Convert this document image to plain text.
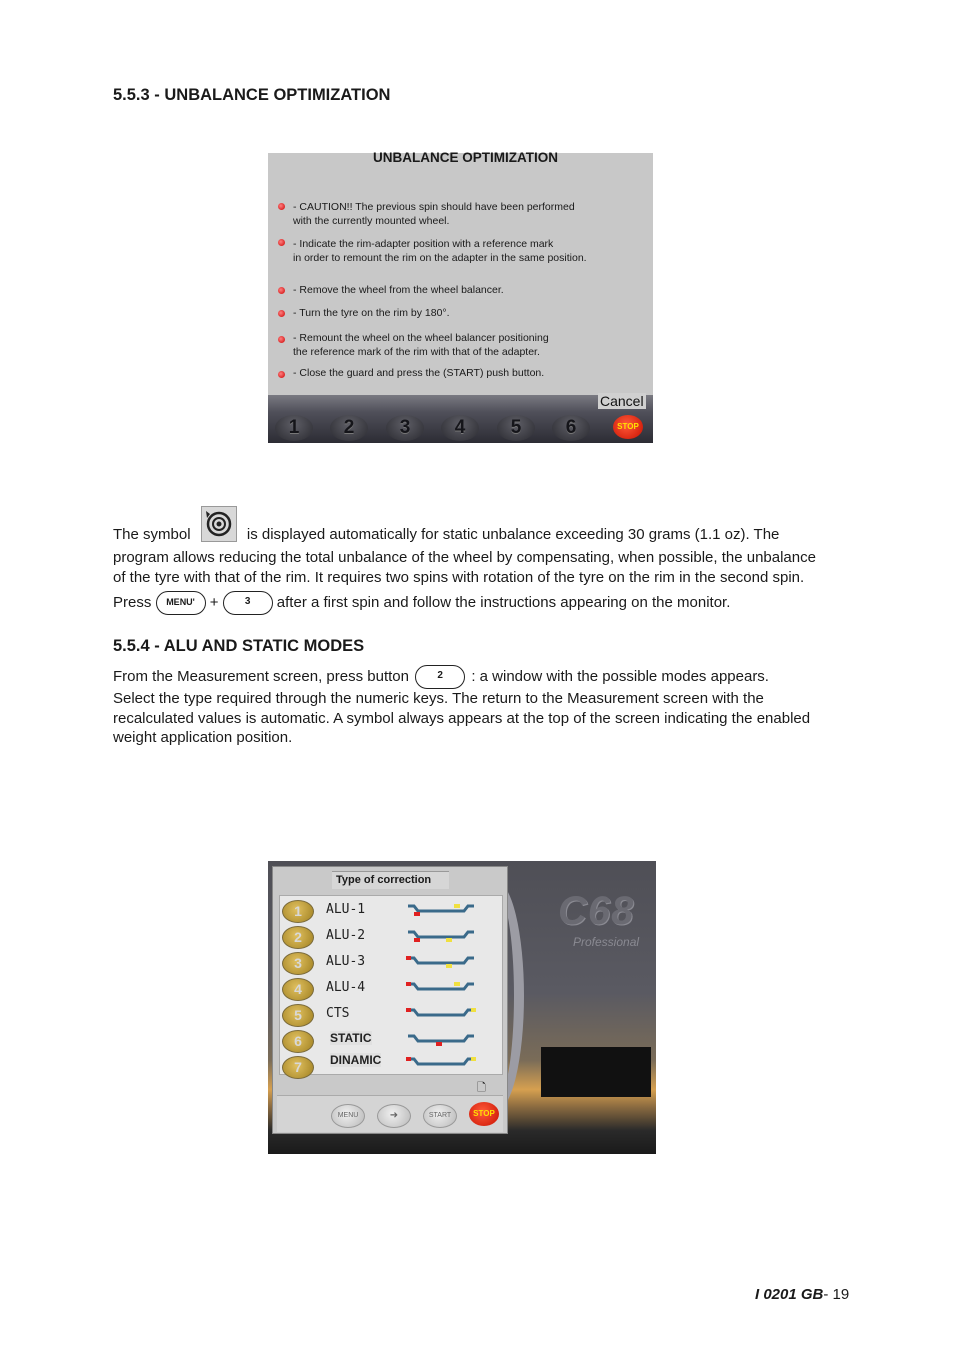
5.5.3 - UNBALANCE OPTIMIZATION
UNBALANCE OPTIMIZATION
- CAUTION!! The previous spin should have been performed
with the currently mounted wheel.
- Indicate the rim-adapter position with a reference mark
in order to remount the rim on the adapter in the same position.
- Remove the wheel from the wheel balancer.
- Turn the tyre on the rim by 180°.
- Remount the wheel on the wheel balancer positioning
the reference mark of the rim with that of the adapter.
- Close the guard and press the (START) push button.
Cancel
1	2	3	4	5	6	STOP
The symbol	is displayed automatically for static unbalance exceeding 30 grams (1.1 oz). The
program allows reducing the total unbalance of the wheel by compensating, when possible, the unbalance
of the tyre with that of the rim. It requires two spins with rotation of the tyre on the rim in the second spin.
Press MENU' +	3 after a first spin and follow the instructions appearing on the monitor.
5.5.4 - ALU AND STATIC MODES
From the Measurement screen, press button	2 : a window with the possible modes appears.
Select the type required through the numeric keys. The return to the Measurement screen with the
recalculated values is automatic. A symbol always appears at the top of the screen indicating the enabled
weight application position.
C68
Professional
Type of correction
1	ALU-1
2	ALU-2
3	ALU-3
4	ALU-4
5	CTS
6	STATIC
7	DINAMIC
🗋
MENU	➜	START	STOP
I 0201 GB- 19
